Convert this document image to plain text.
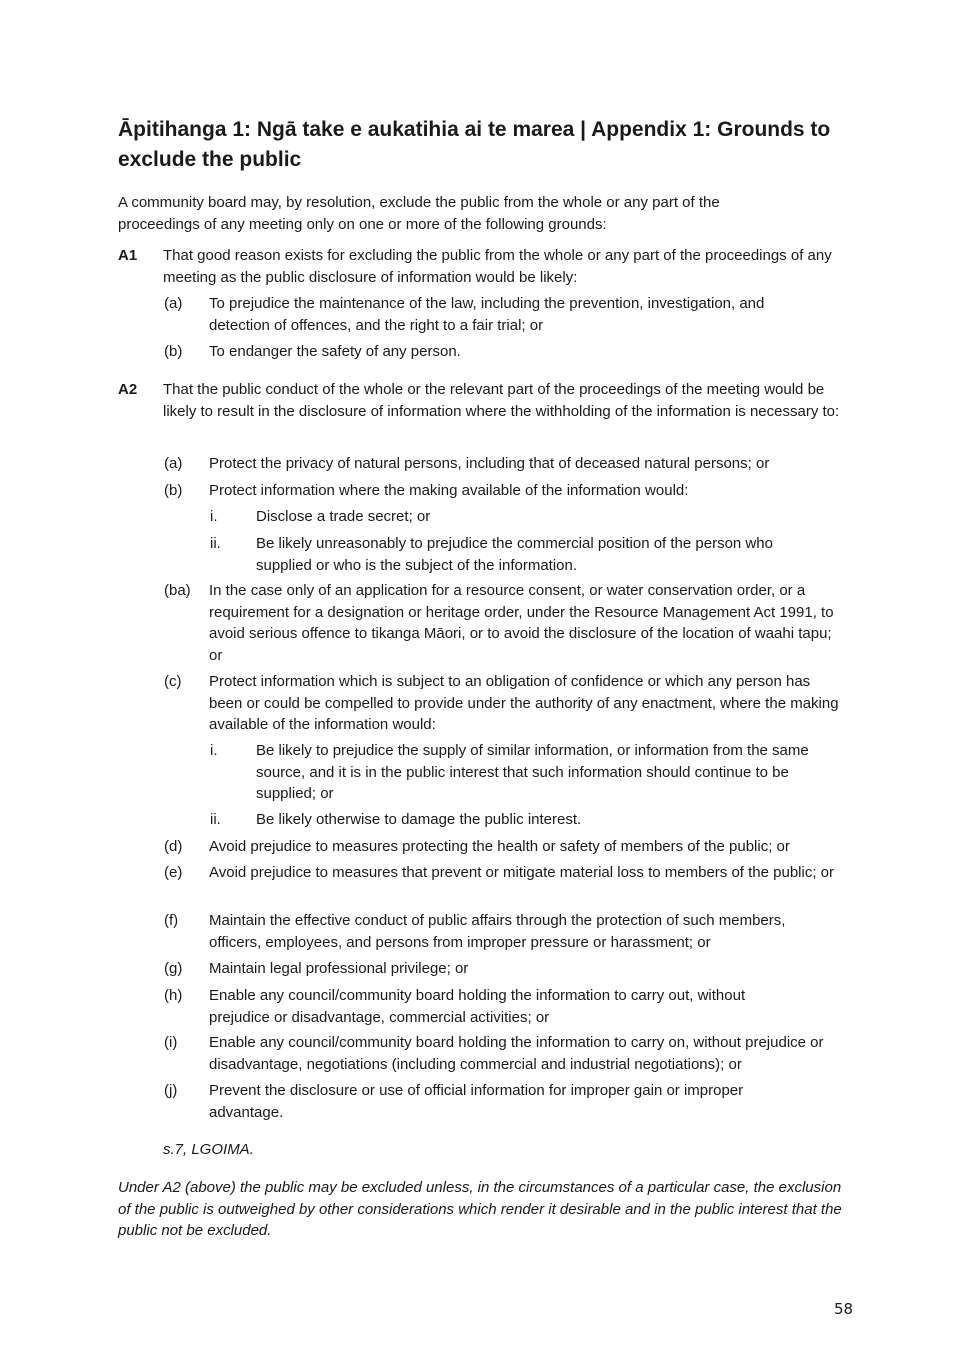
Āpitihanga 1: Ngā take e aukatihia ai te marea | Appendix 1: Grounds to exclude the public

A community board may, by resolution, exclude the public from the whole or any part of the proceedings of any meeting only on one or more of the following grounds:

A1 That good reason exists for excluding the public from the whole or any part of the proceedings of any meeting as the public disclosure of information would be likely:

(a) To prejudice the maintenance of the law, including the prevention, investigation, and detection of offences, and the right to a fair trial; or

(b) To endanger the safety of any person.

A2 That the public conduct of the whole or the relevant part of the proceedings of the meeting would be likely to result in the disclosure of information where the withholding of the information is necessary to:

(a) Protect the privacy of natural persons, including that of deceased natural persons; or

(b) Protect information where the making available of the information would:

i.	Disclose a trade secret; or

ii. Be likely unreasonably to prejudice the commercial position of the person who supplied or who is the subject of the information.

(ba) In the case only of an application for a resource consent, or water conservation order, or a requirement for a designation or heritage order, under the Resource Management Act 1991, to avoid serious offence to tikanga Māori, or to avoid the disclosure of the location of waahi tapu; or

(c) Protect information which is subject to an obligation of confidence or which any person has been or could be compelled to provide under the authority of any enactment, where the making available of the information would:

i.	Be likely to prejudice the supply of similar information, or information from the same source, and it is in the public interest that such information should continue to be supplied; or

ii. Be likely otherwise to damage the public interest.

(d) Avoid prejudice to measures protecting the health or safety of members of the public; or

(e) Avoid prejudice to measures that prevent or mitigate material loss to members of the public; or

(f) Maintain the effective conduct of public affairs through the protection of such members, officers, employees, and persons from improper pressure or harassment; or

(g) Maintain legal professional privilege; or

(h) Enable any council/community board holding the information to carry out, without prejudice or disadvantage, commercial activities; or

(i) Enable any council/community board holding the information to carry on, without prejudice or disadvantage, negotiations (including commercial and industrial negotiations); or

(j) Prevent the disclosure or use of official information for improper gain or improper advantage.

s.7, LGOIMA.

Under A2 (above) the public may be excluded unless, in the circumstances of a particular case, the exclusion of the public is outweighed by other considerations which render it desirable and in the public interest that the public not be excluded.

58
